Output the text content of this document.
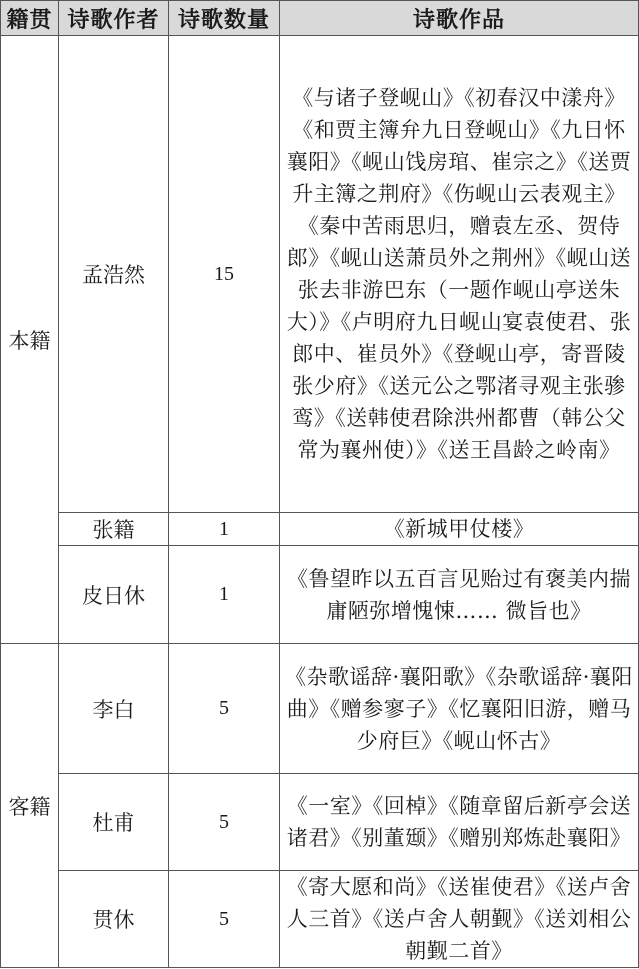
籍贯	诗歌作者	诗歌数量	诗歌作品
本籍	孟浩然	15	《与诸子登岘山》《初春汉中漾舟》《和贾主簿弁九日登岘山》《九日怀襄阳》《岘山饯房琯、崔宗之》《送贾升主簿之荆府》《伤岘山云表观主》《秦中苦雨思归，赠袁左丞、贺侍郎》《岘山送萧员外之荆州》《岘山送张去非游巴东（一题作岘山亭送朱大）》《卢明府九日岘山宴袁使君、张郎中、崔员外》《登岘山亭，寄晋陵张少府》《送元公之鄂渚寻观主张骖鸾》《送韩使君除洪州都曹（韩公父常为襄州使）》《送王昌龄之岭南》
	张籍	1	《新城甲仗楼》
	皮日休	1	《鲁望昨以五百言见贻过有褒美内揣庸陋弥增愧悚…… 微旨也》
客籍	李白	5	《杂歌谣辞·襄阳歌》《杂歌谣辞·襄阳曲》《赠参寥子》《忆襄阳旧游，赠马少府巨》《岘山怀古》
	杜甫	5	《一室》《回棹》《随章留后新亭会送诸君》《别董颋》《赠别郑炼赴襄阳》
	贯休	5	《寄大愿和尚》《送崔使君》《送卢舍人三首》《送卢舍人朝觐》《送刘相公朝觐二首》
